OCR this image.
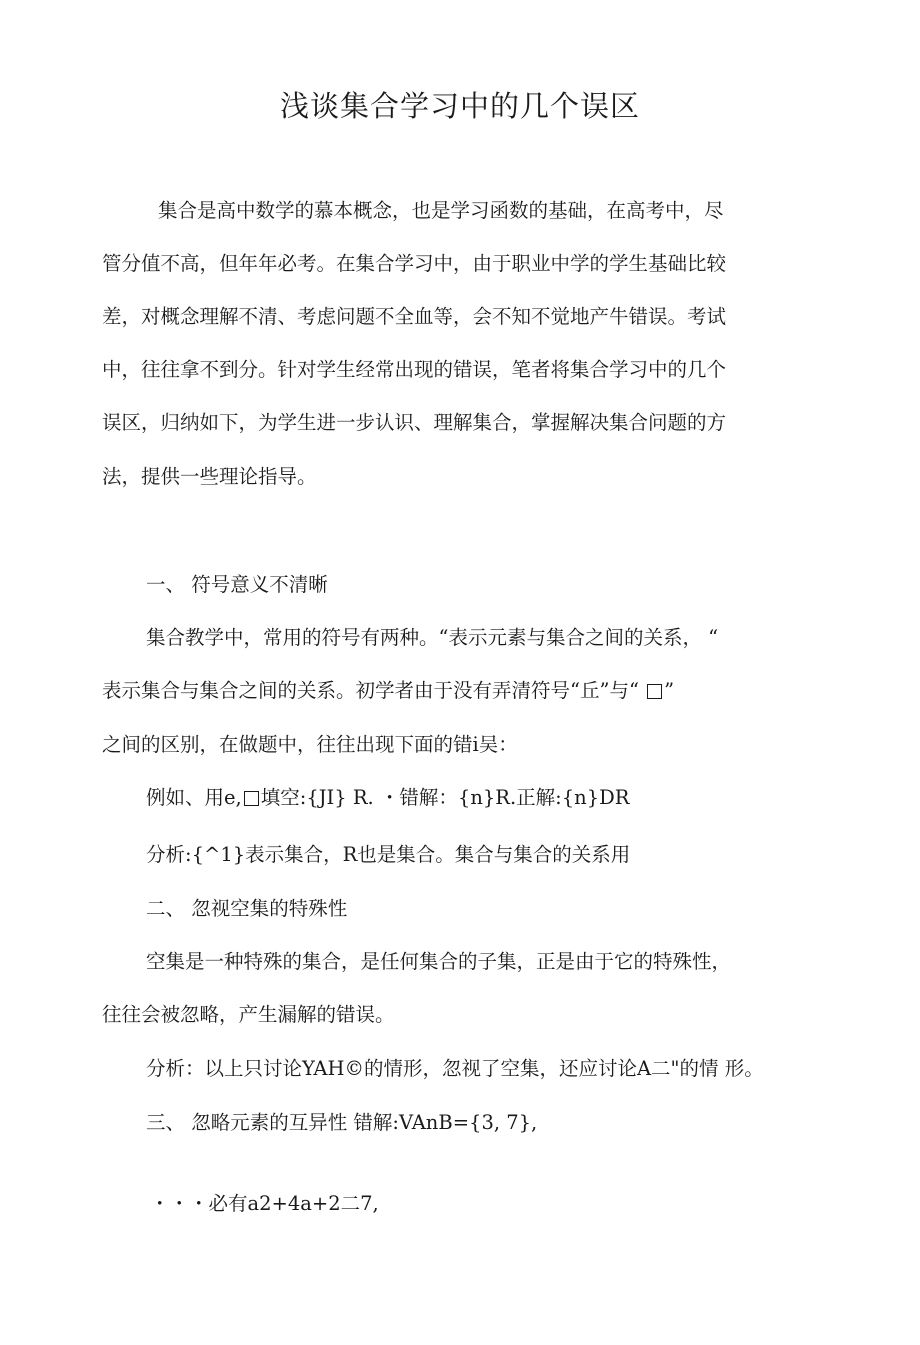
浅谈集合学习中的几个误区
集合是高中数学的慕本概念，也是学习函数的基础，在高考中，尽
管分值不高，但年年必考。在集合学习中，由于职业中学的学生基础比较
差，对概念理解不清、考虑问题不全血等，会不知不觉地产牛错误。考试
中，往往拿不到分。针对学生经常出现的错误，笔者将集合学习中的几个
误区，归纳如下，为学生进一步认识、理解集合，掌握解决集合问题的方
法，提供一些理论指导。
一、 符号意义不清晰
集合教学中，常用的符号有两种。“表示元素与集合之间的关系， “
表示集合与集合之间的关系。初学者由于没有弄清符号“丘”与“ ”
之间的区别，在做题中，往往出现下面的错i吴：
例如、用e, 填空:{JI} R. ・错解：{n}R.正解:{n}DR
分析:{^1}表示集合，R也是集合。集合与集合的关系用
二、 忽视空集的特殊性
空集是一种特殊的集合，是任何集合的子集，正是由于它的特殊性，
往往会被忽略，产生漏解的错误。
分析：以上只讨论YAH©的情形，忽视了空集，还应讨论A二"的情 形。
三、 忽略元素的互异性 错解:VAnB={3, 7},
・・・必有a2+4a+2二7,
